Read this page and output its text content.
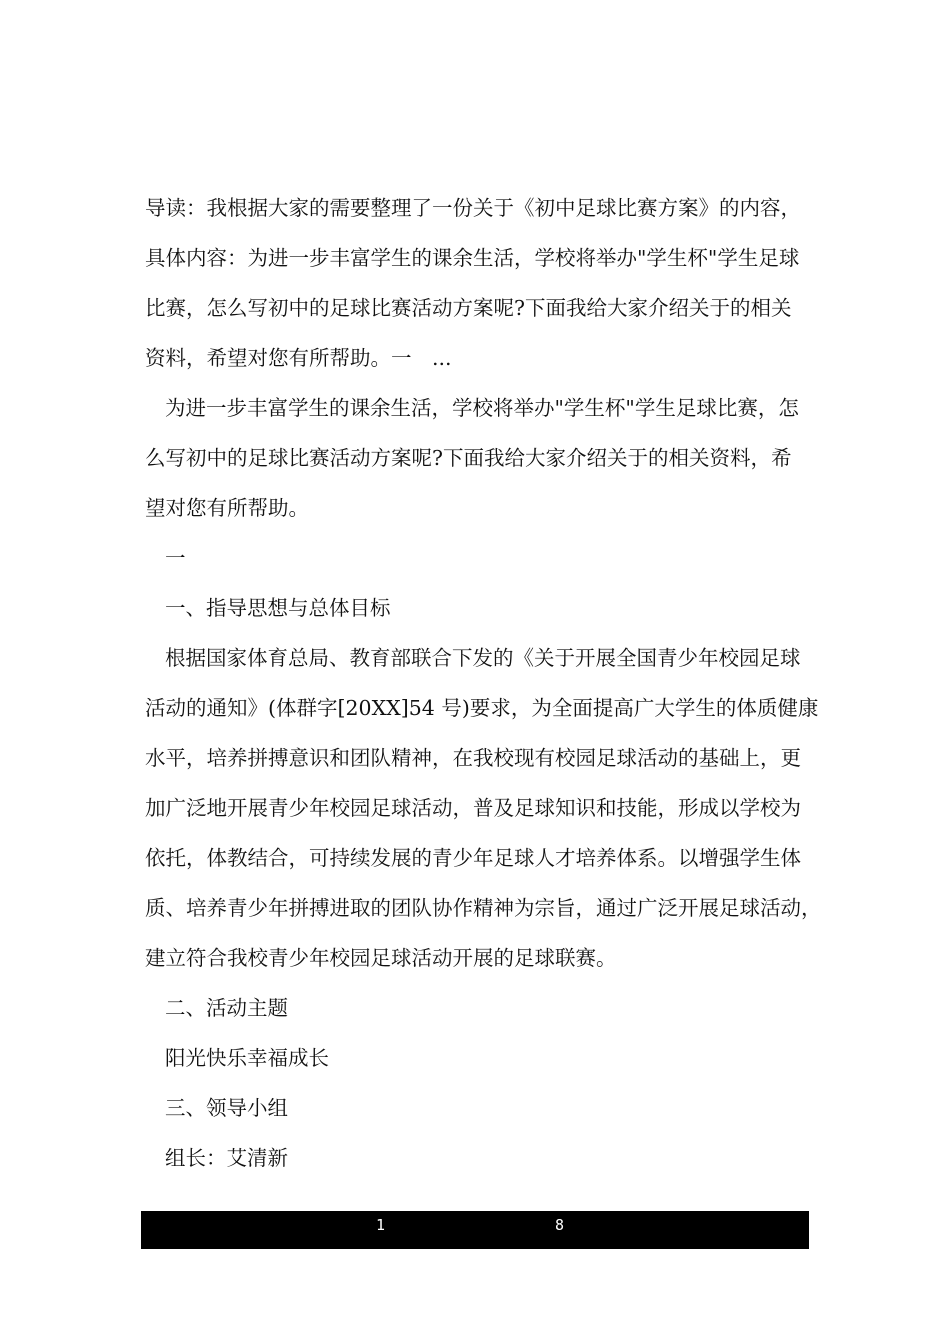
导读：我根据大家的需要整理了一份关于《初中足球比赛方案》的内容，
具体内容：为进一步丰富学生的课余生活，学校将举办"学生杯"学生足球
比赛，怎么写初中的足球比赛活动方案呢?下面我给大家介绍关于的相关
资料，希望对您有所帮助。一　...
为进一步丰富学生的课余生活，学校将举办"学生杯"学生足球比赛，怎
么写初中的足球比赛活动方案呢?下面我给大家介绍关于的相关资料，希
望对您有所帮助。
一
一、指导思想与总体目标
根据国家体育总局、教育部联合下发的《关于开展全国青少年校园足球
活动的通知》(体群字[20XX]54 号)要求，为全面提高广大学生的体质健康
水平，培养拼搏意识和团队精神，在我校现有校园足球活动的基础上，更
加广泛地开展青少年校园足球活动，普及足球知识和技能，形成以学校为
依托，体教结合，可持续发展的青少年足球人才培养体系。以增强学生体
质、培养青少年拼搏进取的团队协作精神为宗旨，通过广泛开展足球活动，
建立符合我校青少年校园足球活动开展的足球联赛。
二、活动主题
阳光快乐幸福成长
三、领导小组
组长：艾清新
1	8
